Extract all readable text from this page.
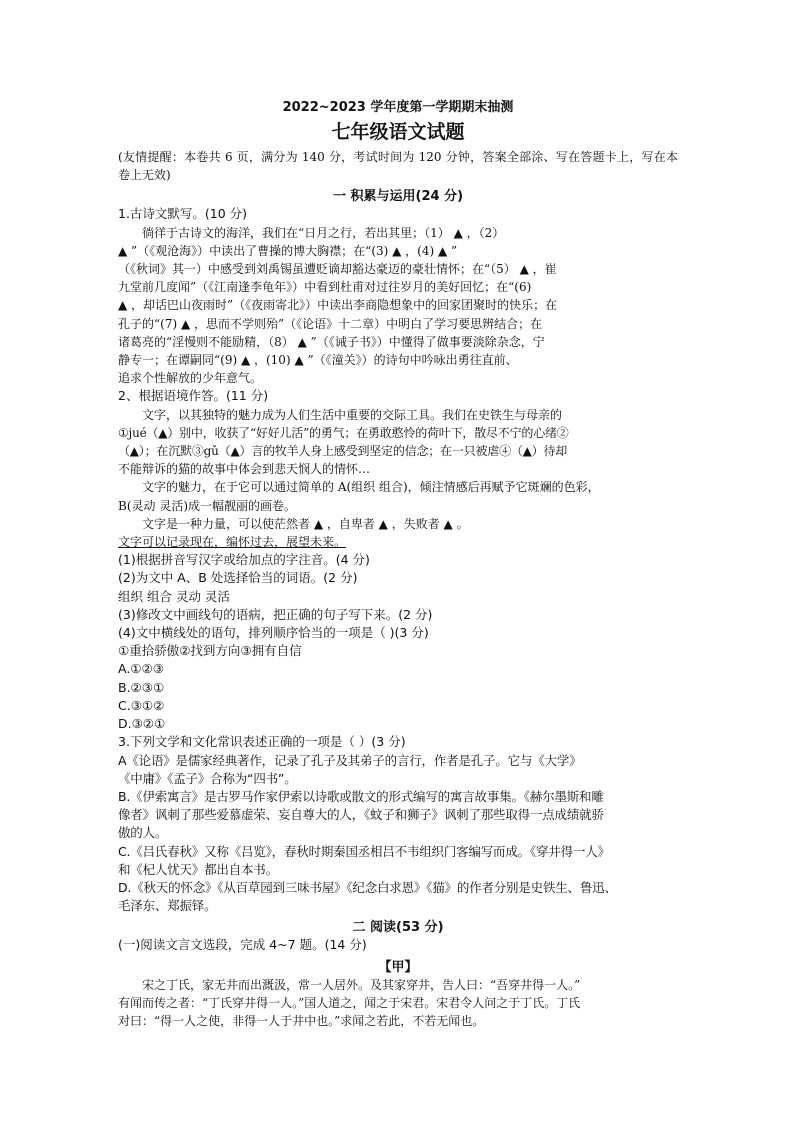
2022~2023 学年度第一学期期末抽测
七年级语文试题

(友情提醒：本卷共 6 页，满分为 140 分，考试时间为 120 分钟，答案全部涂、写在答题卡上，写在本卷上无效)

一 积累与运用(24 分)

1.古诗文默写。(10 分)

徜徉于古诗文的海洋，我们在“日月之行，若出其里；（1） ▲ ，（2）

▲ ”（《观沧海》）中读出了曹操的博大胸襟；在“(3) ▲ ，(4) ▲ ”

（《秋词》其一）中感受到刘禹锡虽遭贬谪却豁达豪迈的豪壮情怀；在“（5） ▲ ，崔

九堂前几度闻”（《江南逢李龟年》）中看到杜甫对过往岁月的美好回忆；在“(6)

▲ ，却话巴山夜雨时”（《夜雨寄北》）中读出李商隐想象中的回家团聚时的快乐；在

孔子的“(7) ▲ ，思而不学则殆”（《论语》十二章）中明白了学习要思辨结合；在

诸葛亮的“淫慢则不能励精，（8） ▲ ”（《诫子书》）中懂得了做事要淡除杂念，宁

静专一；在谭嗣同“(9) ▲ ，(10) ▲ ”（《潼关》）的诗句中吟咏出勇往直前、

追求个性解放的少年意气。

2、根据语境作答。(11 分)

文字，以其独特的魅力成为人们生活中重要的交际工具。我们在史铁生与母亲的

①jué（▲）别中，收获了“好好儿活”的勇气；在勇敢憨怜的荷叶下，散尽不宁的心绪②

（▲）；在沉默③gǔ（▲）言的牧羊人身上感受到坚定的信念；在一只被虐④（▲）待却

不能辩诉的猫的故事中体会到悲天悯人的情怀…

文字的魅力，在于它可以通过简单的 A(组织 组合)，倾注情感后再赋予它斑斓的色彩，

B(灵动 灵活)成一幅靓丽的画卷。

文字是一种力量，可以使茫然者 ▲ ，自卑者 ▲ ，失败者 ▲ 。

文字可以记录现在，编怀过去，展望未来。

(1)根据拼音写汉字或给加点的字注音。(4 分)

(2)为文中 A、B 处选择恰当的词语。(2 分)

组织 组合 灵动 灵活

(3)修改文中画线句的语病，把正确的句子写下来。(2 分)

(4)文中横线处的语句，排列顺序恰当的一项是（ )(3 分)

①重拾骄傲②找到方向③拥有自信

A.①②③

B.②③①

C.③①②

D.③②①

3.下列文学和文化常识表述正确的一项是（ ）(3 分)

A《论语》是儒家经典著作，记录了孔子及其弟子的言行，作者是孔子。它与《大学》

《中庸》《孟子》合称为“四书”。

B.《伊索寓言》是古罗马作家伊索以诗歌或散文的形式编写的寓言故事集。《赫尔墨斯和雕

像者》讽刺了那些爱慕虚荣、妄自尊大的人，《蚊子和狮子》讽刺了那些取得一点成绩就骄

傲的人。

C.《吕氏春秋》又称《吕览》，春秋时期秦国丞相吕不韦组织门客编写而成。《穿井得一人》

和《杞人忧天》都出自本书。

D.《秋天的怀念》《从百草园到三味书屋》《纪念白求恩》《猫》的作者分别是史铁生、鲁迅、

毛泽东、郑振铎。

二 阅读(53 分)

(一)阅读文言文选段，完成 4~7 题。(14 分)

【甲】

宋之丁氏，家无井而出溉汲，常一人居外。及其家穿井，告人曰：“吾穿井得一人。”

有闻而传之者：“丁氏穿井得一人。”国人道之，闻之于宋君。宋君令人问之于丁氏。丁氏

对曰：“得一人之使，非得一人于井中也。”求闻之若此，不若无闻也。
